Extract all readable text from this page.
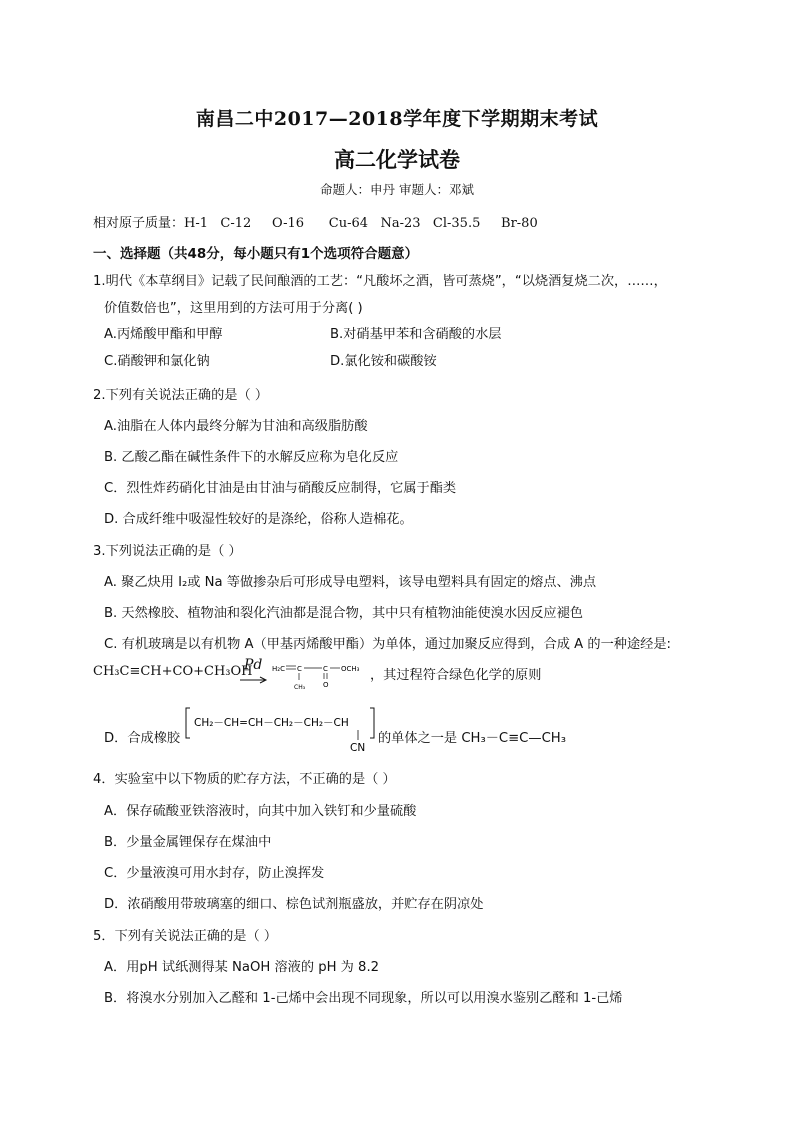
南昌二中2017—2018学年度下学期期末考试
高二化学试卷
命题人：申丹 审题人：邓斌
相对原子质量：H-1   C-12     O-16      Cu-64   Na-23   Cl-35.5     Br-80
一、选择题（共48分，每小题只有1个选项符合题意）
1.明代《本草纲目》记载了民间酿酒的工艺：“凡酸坏之酒，皆可蒸烧”，“以烧酒复烧二次，……，
价值数倍也”，这里用到的方法可用于分离( )
A.丙烯酸甲酯和甲醇	B.对硝基甲苯和含硝酸的水层
C.硝酸钾和氯化钠	D.氯化铵和碳酸铵
2.下列有关说法正确的是（ ）
A.油脂在人体内最终分解为甘油和高级脂肪酸
B. 乙酸乙酯在碱性条件下的水解反应称为皂化反应
C．烈性炸药硝化甘油是由甘油与硝酸反应制得，它属于酯类
D. 合成纤维中吸湿性较好的是涤纶，俗称人造棉花。
3.下列说法正确的是（ ）
A. 聚乙炔用 I₂或 Na 等做掺杂后可形成导电塑料，该导电塑料具有固定的熔点、沸点
B. 天然橡胶、植物油和裂化汽油都是混合物，其中只有植物油能使溴水因反应褪色
C. 有机玻璃是以有机物 A（甲基丙烯酸甲酯）为单体，通过加聚反应得到，合成 A 的一种途经是:
CH₃C≡CH+CO+CH₃OH
Pd H₂C C	C OCH₃
CH₃	O
，其过程符合绿色化学的原则
D．合成橡胶
CH₂－CH=CH－CH₂－CH₂－CH
CN
的单体之一是 CH₃－C≡C—CH₃
4．实验室中以下物质的贮存方法，不正确的是（ ）
A．保存硫酸亚铁溶液时，向其中加入铁钉和少量硫酸
B．少量金属锂保存在煤油中
C．少量液溴可用水封存，防止溴挥发
D．浓硝酸用带玻璃塞的细口、棕色试剂瓶盛放，并贮存在阴凉处
5．下列有关说法正确的是（ ）
A．用pH 试纸测得某 NaOH 溶液的 pH 为 8.2
B．将溴水分别加入乙醛和 1-己烯中会出现不同现象，所以可以用溴水鉴别乙醛和 1-己烯
